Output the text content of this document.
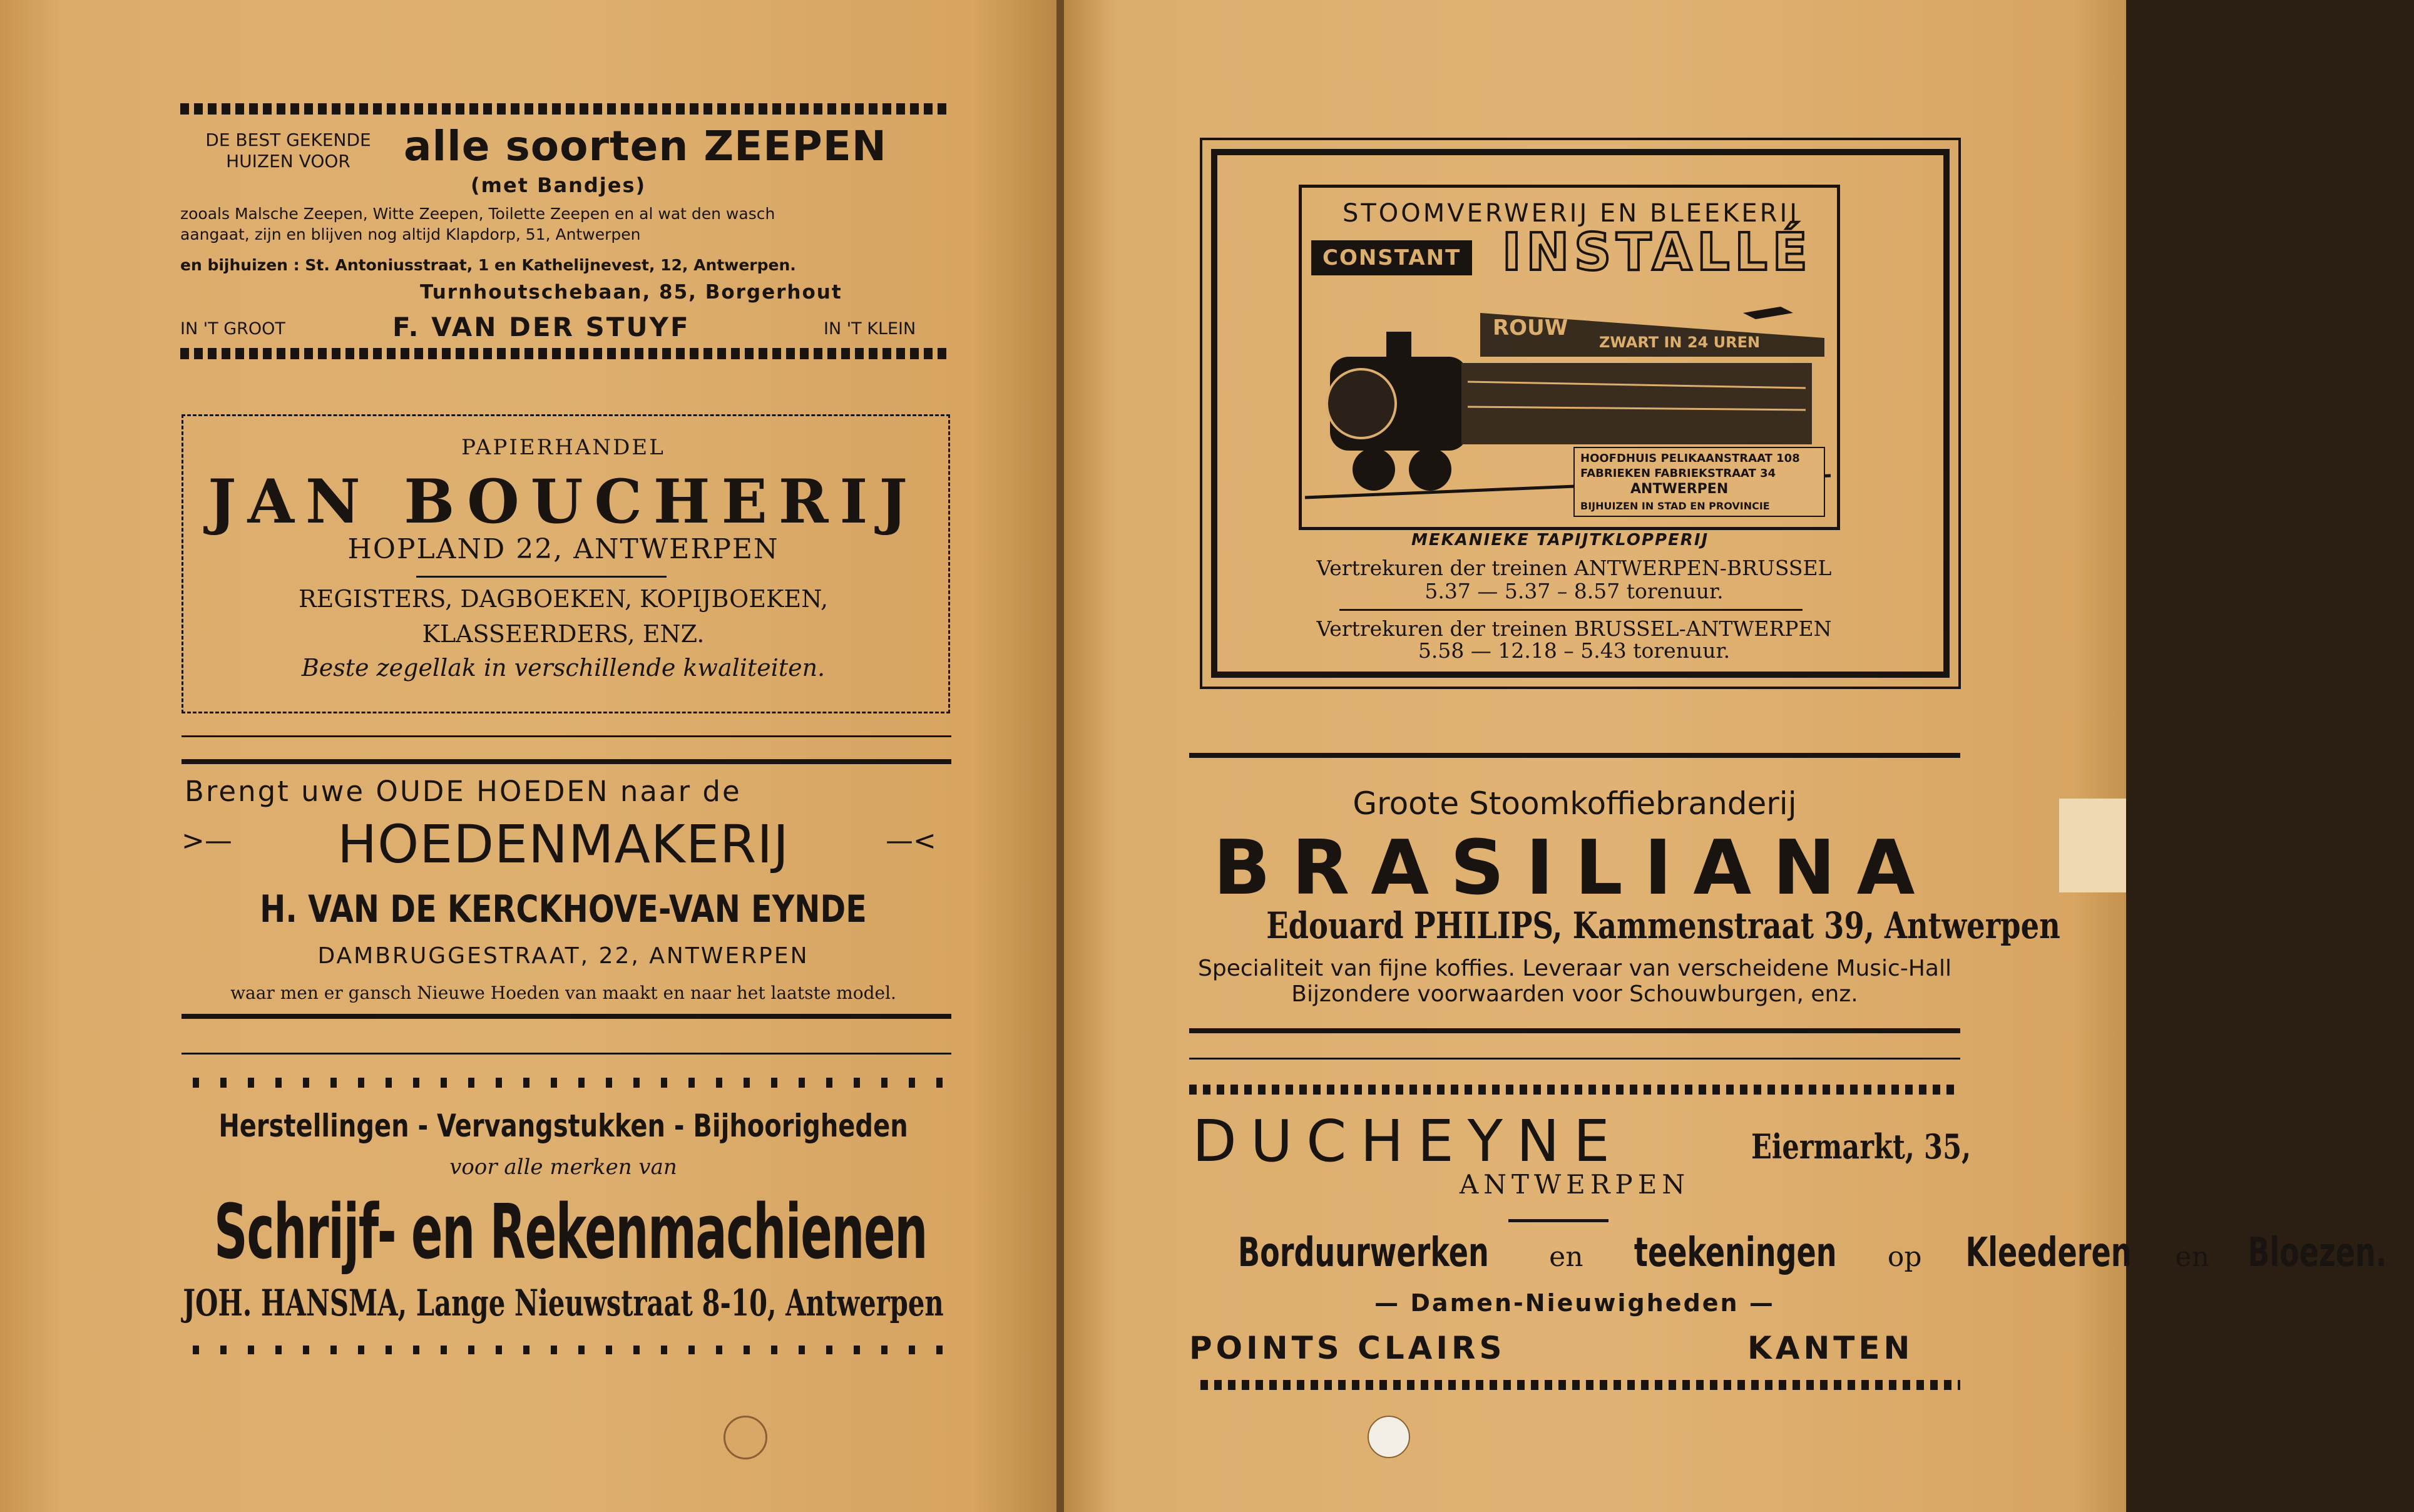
DE BEST GEKENDE
HUIZEN VOOR	alle soorten ZEEPEN
(met Bandjes)
zooals Malsche Zeepen, Witte Zeepen, Toilette Zeepen en al wat den wasch
aangaat, zijn en blijven nog altijd Klapdorp, 51, Antwerpen
en bijhuizen : St. Antoniusstraat, 1 en Kathelijnevest, 12, Antwerpen.
Turnhoutschebaan, 85, Borgerhout
IN 'T GROOT	F. VAN DER STUYF	IN 'T KLEIN
PAPIERHANDEL
JAN BOUCHERIJ
HOPLAND 22, ANTWERPEN
REGISTERS, DAGBOEKEN, KOPIJBOEKEN,
KLASSEERDERS, ENZ.
Beste zegellak in verschillende kwaliteiten.
Brengt uwe OUDE HOEDEN naar de
>—	HOEDENMAKERIJ	—<
H. VAN DE KERCKHOVE-VAN EYNDE
DAMBRUGGESTRAAT, 22, ANTWERPEN
waar men er gansch Nieuwe Hoeden van maakt en naar het laatste model.
Herstellingen - Vervangstukken - Bijhoorigheden
voor alle merken van
Schrijf- en Rekenmachienen
JOH. HANSMA, Lange Nieuwstraat 8-10, Antwerpen
STOOMVERWERIJ EN BLEEKERIJ
CONSTANT INSTALLÉ
ROUW
ZWART IN 24 UREN
HOOFDHUIS PELIKAANSTRAAT 108
FABRIEKEN FABRIEKSTRAAT 34
ANTWERPEN
BIJHUIZEN IN STAD EN PROVINCIE
MEKANIEKE TAPIJTKLOPPERIJ
Vertrekuren der treinen ANTWERPEN-BRUSSEL
5.37 — 5.37 – 8.57 torenuur.
Vertrekuren der treinen BRUSSEL-ANTWERPEN
5.58 — 12.18 – 5.43 torenuur.
Groote Stoomkoffiebranderij
BRASILIANA
Edouard PHILIPS, Kammenstraat 39, Antwerpen
Specialiteit van fijne koffies. Leveraar van verscheidene Music-Hall
Bijzondere voorwaarden voor Schouwburgen, enz.
DUCHEYNE	Eiermarkt, 35,
ANTWERPEN
Borduurwerken en teekeningen op Kleederen en Bloezen.
— Damen-Nieuwigheden —
POINTS CLAIRS	KANTEN
